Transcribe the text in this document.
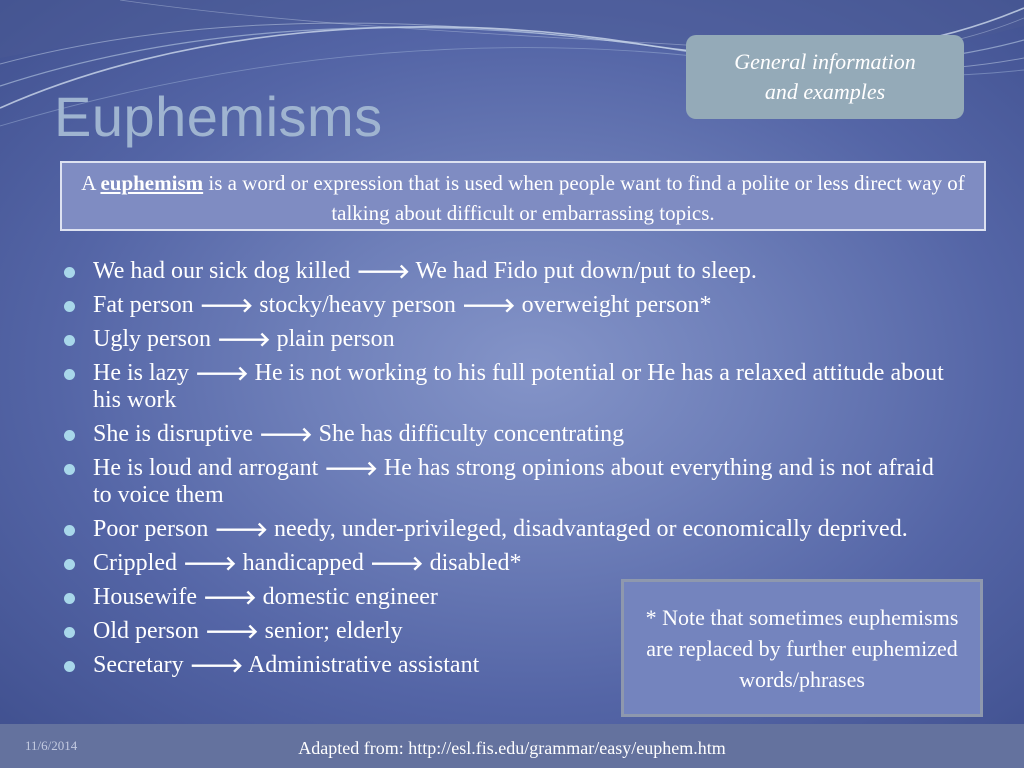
Euphemisms
General information
and examples
A euphemism is a word or expression that is used when people want to find a polite or less direct way of talking about difficult or embarrassing topics.
We had our sick dog killed 🡒 We had Fido put down/put to sleep.
Fat person 🡒 stocky/heavy person 🡒 overweight person*
Ugly person 🡒 plain person
He is lazy 🡒 He is not working to his full potential or He has a relaxed attitude about his work
She is disruptive 🡒 She has difficulty concentrating
He is loud and arrogant 🡒 He has strong opinions about everything and is not afraid to voice them
Poor person 🡒 needy, under-privileged, disadvantaged or economically deprived.
Crippled 🡒 handicapped 🡒 disabled*
Housewife 🡒 domestic engineer
Old person 🡒 senior; elderly
Secretary 🡒 Administrative assistant
* Note that sometimes euphemisms are replaced by further euphemized words/phrases
11/6/2014	Adapted from: http://esl.fis.edu/grammar/easy/euphem.htm
